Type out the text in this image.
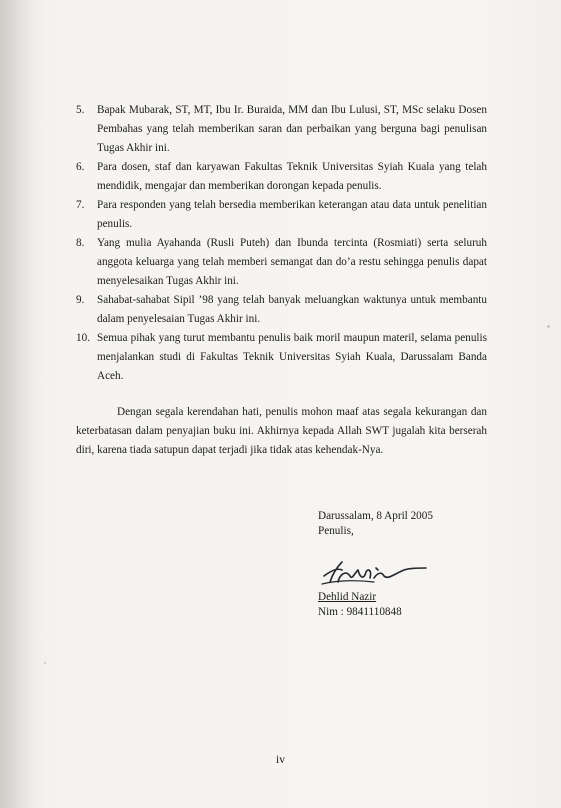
5. Bapak Mubarak, ST, MT, Ibu Ir. Buraida, MM dan Ibu Lulusi, ST, MSc selaku Dosen Pembahas yang telah memberikan saran dan perbaikan yang berguna bagi penulisan Tugas Akhir ini.
6. Para dosen, staf dan karyawan Fakultas Teknik Universitas Syiah Kuala yang telah mendidik, mengajar dan memberikan dorongan kepada penulis.
7. Para responden yang telah bersedia memberikan keterangan atau data untuk penelitian penulis.
8. Yang mulia Ayahanda (Rusli Puteh) dan Ibunda tercinta (Rosmiati) serta seluruh anggota keluarga yang telah memberi semangat dan do’a restu sehingga penulis dapat menyelesaikan Tugas Akhir ini.
9. Sahabat-sahabat Sipil ’98 yang telah banyak meluangkan waktunya untuk membantu dalam penyelesaian Tugas Akhir ini.
10. Semua pihak yang turut membantu penulis baik moril maupun materil, selama penulis menjalankan studi di Fakultas Teknik Universitas Syiah Kuala, Darussalam Banda Aceh.

Dengan segala kerendahan hati, penulis mohon maaf atas segala kekurangan dan keterbatasan dalam penyajian buku ini. Akhirnya kepada Allah SWT jugalah kita berserah diri, karena tiada satupun dapat terjadi jika tidak atas kehendak-Nya.

Darussalam, 8 April 2005
Penulis,
Dehlid Nazir
Nim : 9841110848
iv
